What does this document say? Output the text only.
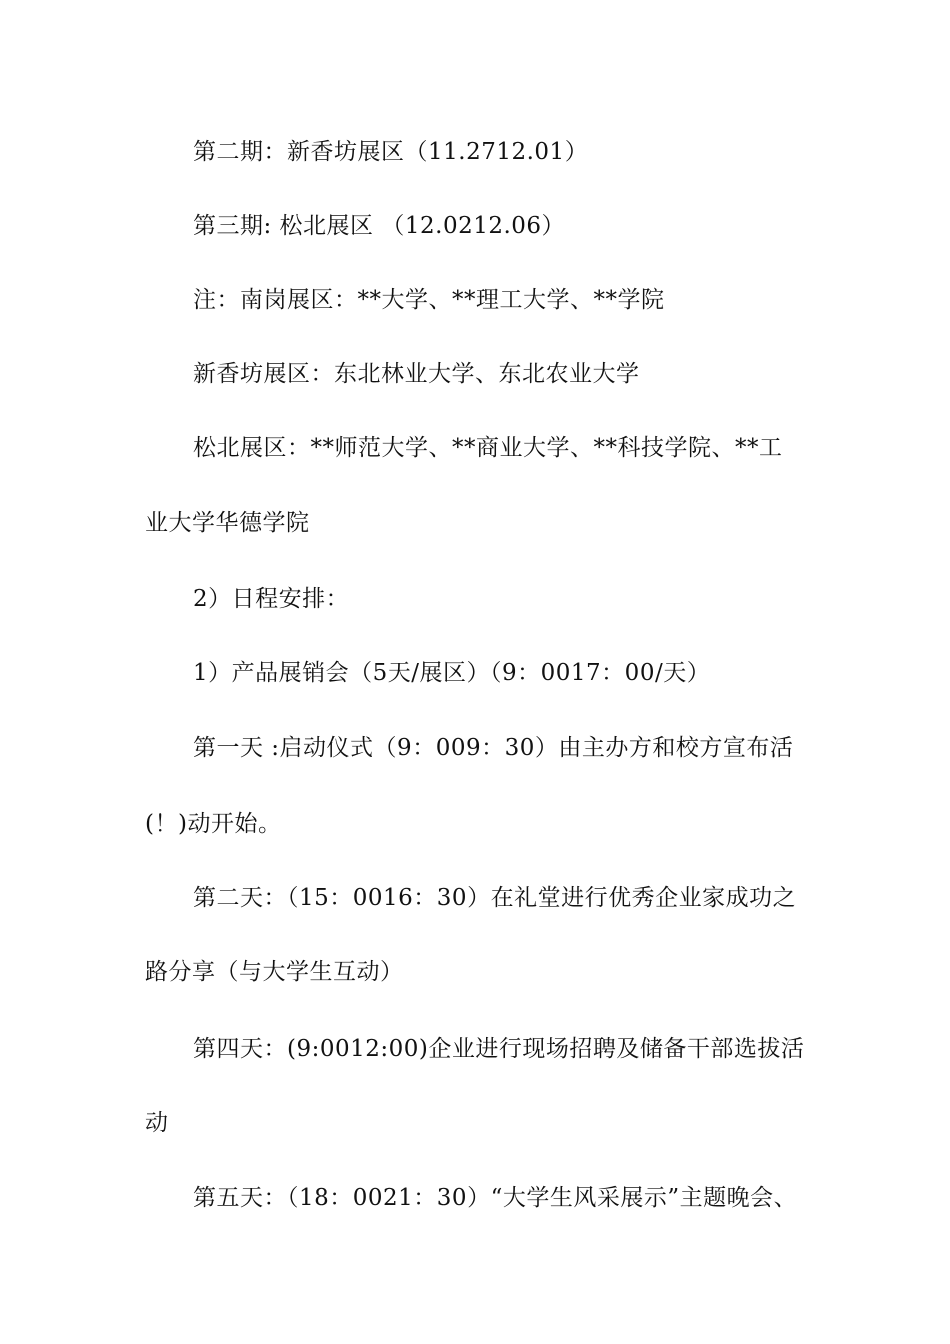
第二期：新香坊展区（11.2712.01）
第三期: 松北展区 （12.0212.06）
注：南岗展区：**大学、**理工大学、**学院
新香坊展区：东北林业大学、东北农业大学
松北展区：**师范大学、**商业大学、**科技学院、**工
业大学华德学院
2）日程安排：
1）产品展销会（5天/展区）（9：0017：00/天）
第一天 :启动仪式（9：009：30）由主办方和校方宣布活
(！)动开始。
第二天：（15：0016：30）在礼堂进行优秀企业家成功之
路分享（与大学生互动）
第四天：(9:0012:00)企业进行现场招聘及储备干部选拔活
动
第五天：（18：0021：30）“大学生风采展示”主题晚会、
